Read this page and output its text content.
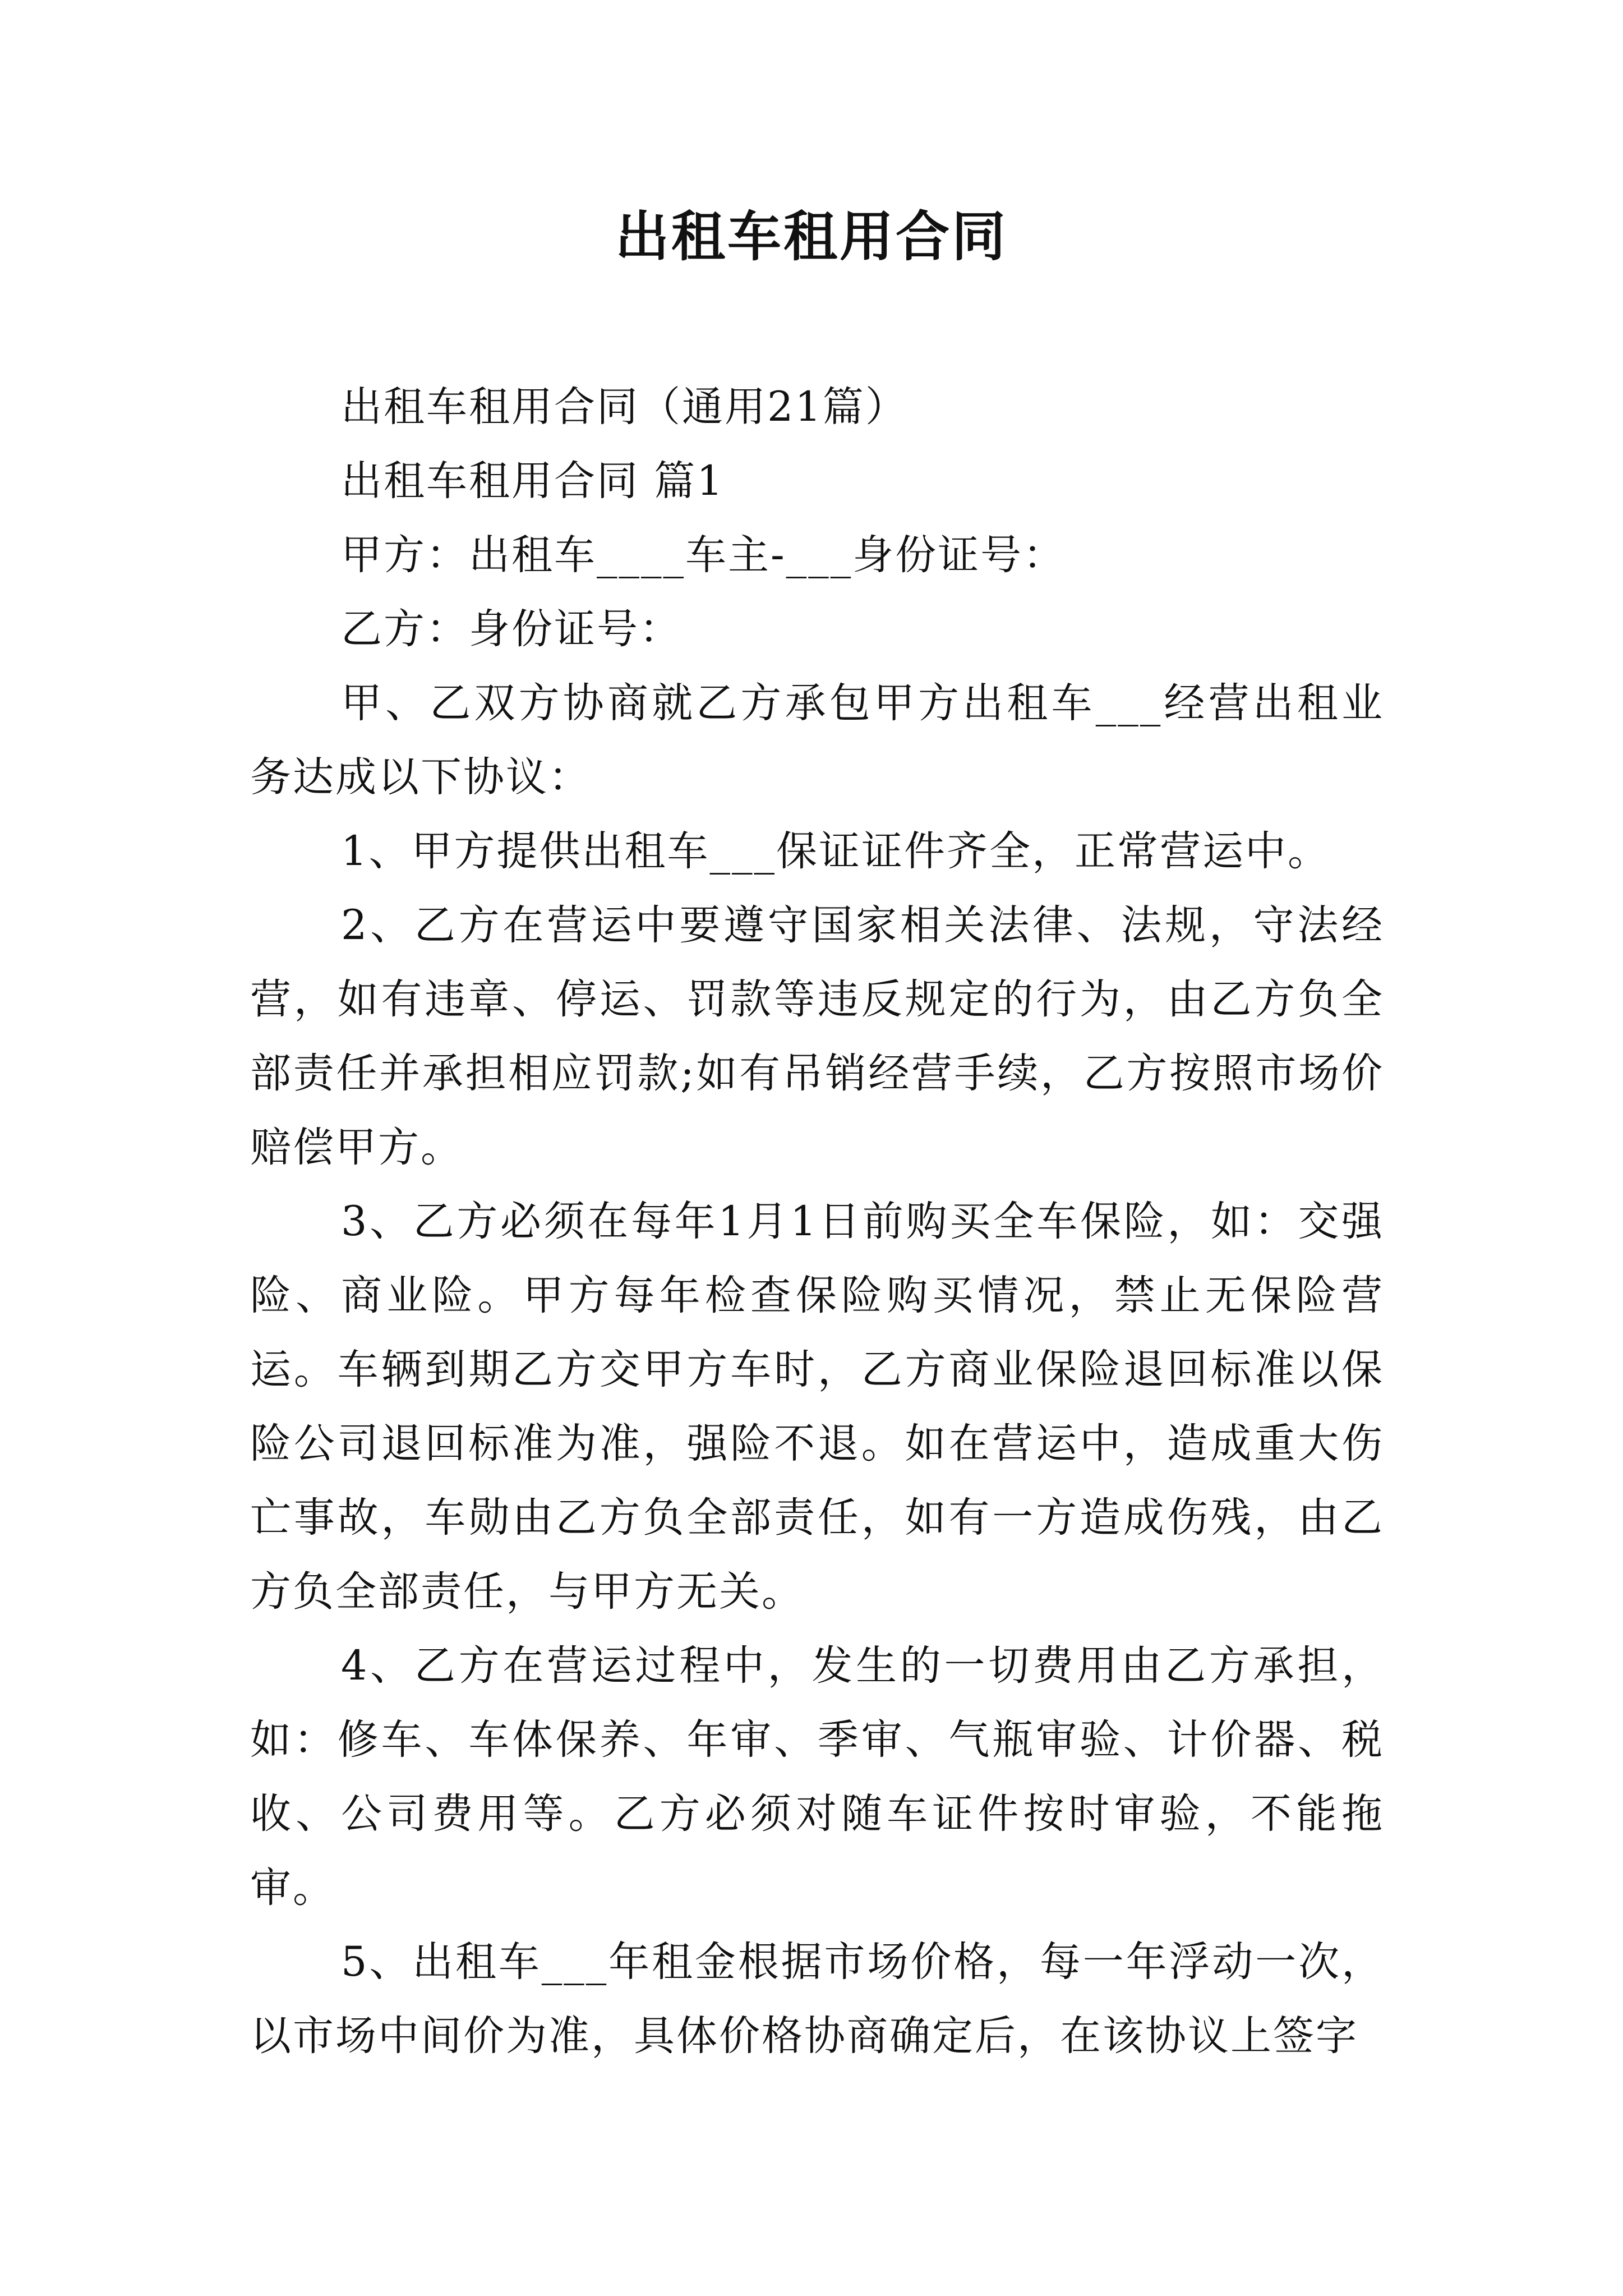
出租车租用合同

出租车租用合同（通用21篇）

出租车租用合同 篇1

甲方：出租车____车主-___身份证号：

乙方：身份证号：

甲、乙双方协商就乙方承包甲方出租车___经营出租业务达成以下协议：

1、甲方提供出租车___保证证件齐全，正常营运中。

2、乙方在营运中要遵守国家相关法律、法规，守法经营，如有违章、停运、罚款等违反规定的行为，由乙方负全部责任并承担相应罚款;如有吊销经营手续，乙方按照市场价赔偿甲方。

3、乙方必须在每年1月1日前购买全车保险，如：交强险、商业险。甲方每年检查保险购买情况，禁止无保险营运。车辆到期乙方交甲方车时，乙方商业保险退回标准以保险公司退回标准为准，强险不退。如在营运中，造成重大伤亡事故，车勋由乙方负全部责任，如有一方造成伤残，由乙方负全部责任，与甲方无关。

4、乙方在营运过程中，发生的一切费用由乙方承担，如：修车、车体保养、年审、季审、气瓶审验、计价器、税收、公司费用等。乙方必须对随车证件按时审验，不能拖审。

5、出租车___年租金根据市场价格，每一年浮动一次，以市场中间价为准，具体价格协商确定后，在该协议上签字
